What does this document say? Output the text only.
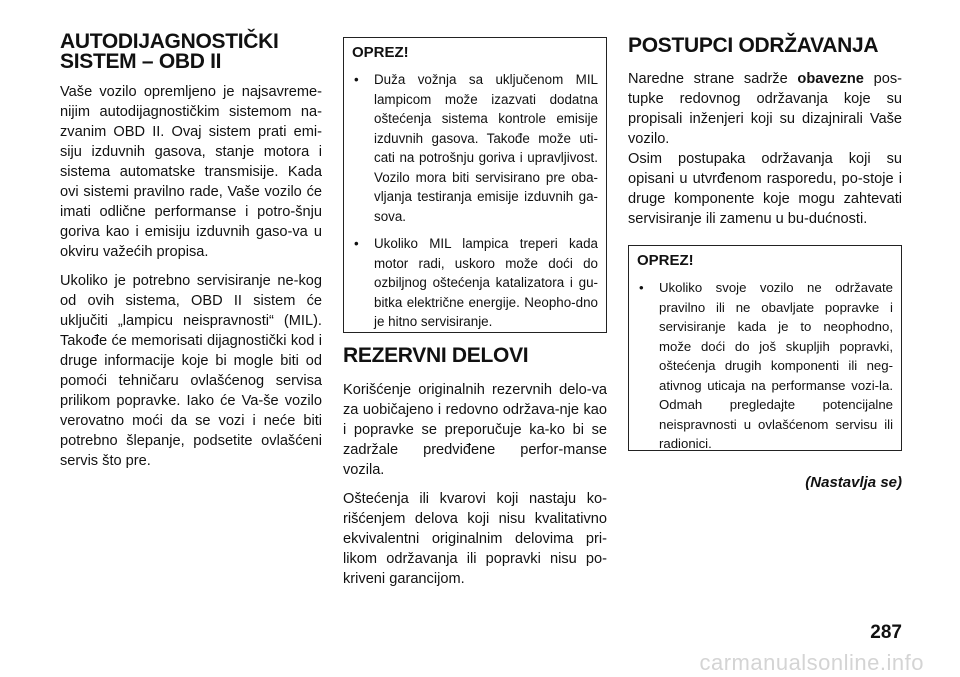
AUTODIJAGNOSTIČKI
SISTEM – OBD II

Vaše vozilo opremljeno je najsavreme-nijim autodijagnostičkim sistemom na-zvanim OBD II. Ovaj sistem prati emi-siju izduvnih gasova, stanje motora i sistema automatske transmisije. Kada ovi sistemi pravilno rade, Vaše vozilo će imati odlične performanse i potro-šnju goriva kao i emisiju izduvnih gaso-va u okviru važećih propisa.

Ukoliko je potrebno servisiranje ne-kog od ovih sistema, OBD II sistem će uključiti „lampicu neispravnosti“ (MIL). Takođe će memorisati dijagnostički kod i druge informacije koje bi mogle biti od pomoći tehničaru ovlašćenog servisa prilikom popravke. Iako će Va-še vozilo verovatno moći da se vozi i neće biti potrebno šlepanje, podsetite ovlašćeni servis što pre.

OPREZ!
• Duža vožnja sa uključenom MIL lampicom može izazvati dodatna oštećenja sistema kontrole emisije izduvnih gasova. Takođe može uti-cati na potrošnju goriva i upravljivost. Vozilo mora biti servisirano pre oba-vljanja testiranja emisije izduvnih ga-sova.
• Ukoliko MIL lampica treperi kada motor radi, uskoro može doći do ozbiljnog oštećenja katalizatora i gu-bitka električne energije. Neopho-dno je hitno servisiranje.
REZERVNI DELOVI

Korišćenje originalnih rezervnih delo-va za uobičajeno i redovno održava-nje kao i popravke se preporučuje ka-ko bi se zadržale predviđene perfor-manse vozila.

Oštećenja ili kvarovi koji nastaju ko-rišćenjem delova koji nisu kvalitativno ekvivalentni originalnim delovima pri-likom održavanja ili popravki nisu po-kriveni garancijom.

POSTUPCI ODRŽAVANJA

Naredne strane sadrže obavezne pos-tupke redovnog održavanja koje su propisali inženjeri koji su dizajnirali Vaše vozilo.

Osim postupaka održavanja koji su opisani u utvrđenom rasporedu, po-stoje i druge komponente koje mogu zahtevati servisiranje ili zamenu u bu-dućnosti.

OPREZ!
• Ukoliko svoje vozilo ne održavate pravilno ili ne obavljate popravke i servisiranje kada je to neophodno, može doći do još skupljih popravki, oštećenja drugih komponenti ili neg-ativnog uticaja na performanse vozi-la. Odmah pregledajte potencijalne neispravnosti u ovlašćenom servisu ili radionici.
(Nastavlja se)
287
carmanualsonline.info
